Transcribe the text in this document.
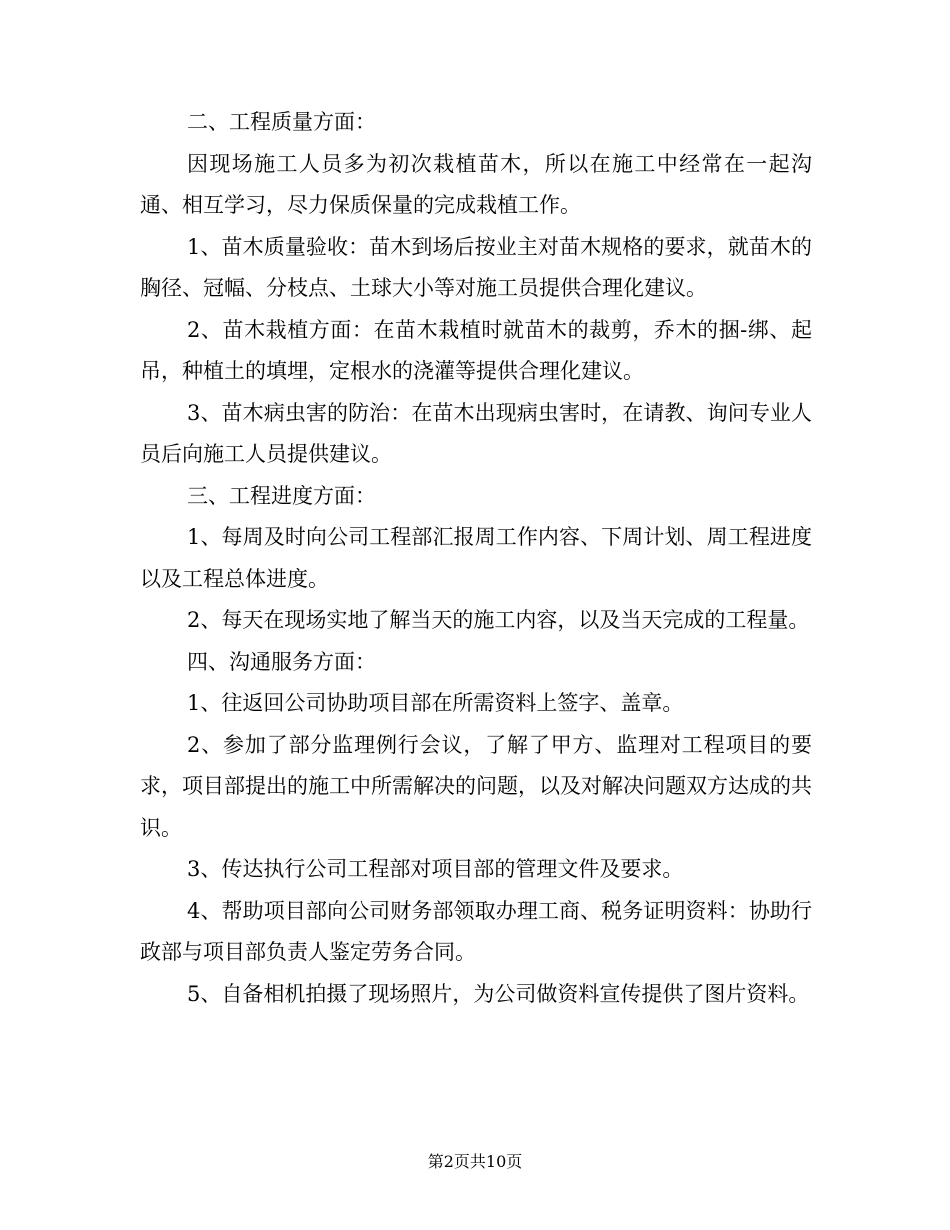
二、工程质量方面：

因现场施工人员多为初次栽植苗木，所以在施工中经常在一起沟通、相互学习，尽力保质保量的完成栽植工作。

1、苗木质量验收：苗木到场后按业主对苗木规格的要求，就苗木的胸径、冠幅、分枝点、土球大小等对施工员提供合理化建议。

2、苗木栽植方面：在苗木栽植时就苗木的裁剪，乔木的捆-绑、起吊，种植土的填埋，定根水的浇灌等提供合理化建议。

3、苗木病虫害的防治：在苗木出现病虫害时，在请教、询问专业人员后向施工人员提供建议。

三、工程进度方面：

1、每周及时向公司工程部汇报周工作内容、下周计划、周工程进度以及工程总体进度。

2、每天在现场实地了解当天的施工内容，以及当天完成的工程量。

四、沟通服务方面：

1、往返回公司协助项目部在所需资料上签字、盖章。

2、参加了部分监理例行会议，了解了甲方、监理对工程项目的要求，项目部提出的施工中所需解决的问题，以及对解决问题双方达成的共识。

3、传达执行公司工程部对项目部的管理文件及要求。

4、帮助项目部向公司财务部领取办理工商、税务证明资料：协助行政部与项目部负责人鉴定劳务合同。

5、自备相机拍摄了现场照片，为公司做资料宣传提供了图片资料。

第2页共10页
